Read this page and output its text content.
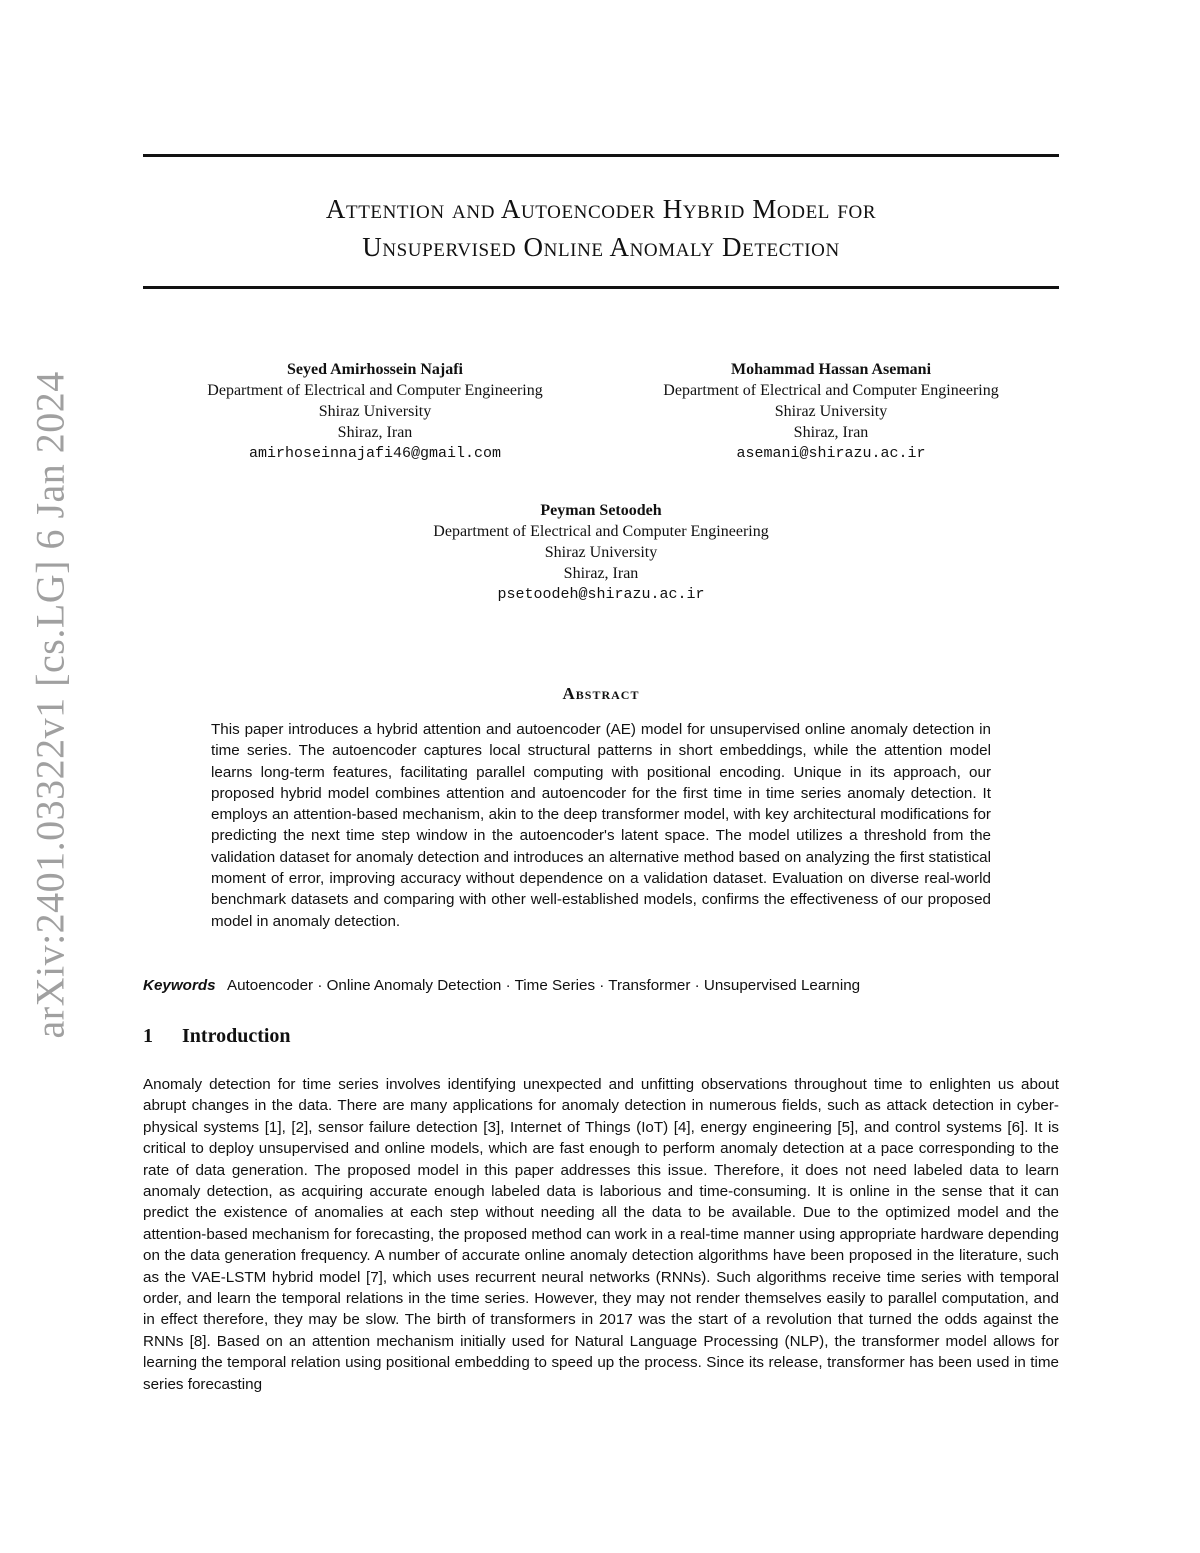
arXiv:2401.03322v1 [cs.LG] 6 Jan 2024
Attention and Autoencoder Hybrid Model for
Unsupervised Online Anomaly Detection
Seyed Amirhossein Najafi
Department of Electrical and Computer Engineering
Shiraz University
Shiraz, Iran
amirhoseinnajafi46@gmail.com
Mohammad Hassan Asemani
Department of Electrical and Computer Engineering
Shiraz University
Shiraz, Iran
asemani@shirazu.ac.ir
Peyman Setoodeh
Department of Electrical and Computer Engineering
Shiraz University
Shiraz, Iran
psetoodeh@shirazu.ac.ir
Abstract
This paper introduces a hybrid attention and autoencoder (AE) model for unsupervised online anomaly detection in time series. The autoencoder captures local structural patterns in short embeddings, while the attention model learns long-term features, facilitating parallel computing with positional encoding. Unique in its approach, our proposed hybrid model combines attention and autoencoder for the first time in time series anomaly detection. It employs an attention-based mechanism, akin to the deep transformer model, with key architectural modifications for predicting the next time step window in the autoencoder's latent space. The model utilizes a threshold from the validation dataset for anomaly detection and introduces an alternative method based on analyzing the first statistical moment of error, improving accuracy without dependence on a validation dataset. Evaluation on diverse real-world benchmark datasets and comparing with other well-established models, confirms the effectiveness of our proposed model in anomaly detection.
Keywords Autoencoder · Online Anomaly Detection · Time Series · Transformer · Unsupervised Learning
1 Introduction
Anomaly detection for time series involves identifying unexpected and unfitting observations throughout time to enlighten us about abrupt changes in the data. There are many applications for anomaly detection in numerous fields, such as attack detection in cyber-physical systems [1], [2], sensor failure detection [3], Internet of Things (IoT) [4], energy engineering [5], and control systems [6]. It is critical to deploy unsupervised and online models, which are fast enough to perform anomaly detection at a pace corresponding to the rate of data generation. The proposed model in this paper addresses this issue. Therefore, it does not need labeled data to learn anomaly detection, as acquiring accurate enough labeled data is laborious and time-consuming. It is online in the sense that it can predict the existence of anomalies at each step without needing all the data to be available. Due to the optimized model and the attention-based mechanism for forecasting, the proposed method can work in a real-time manner using appropriate hardware depending on the data generation frequency. A number of accurate online anomaly detection algorithms have been proposed in the literature, such as the VAE-LSTM hybrid model [7], which uses recurrent neural networks (RNNs). Such algorithms receive time series with temporal order, and learn the temporal relations in the time series. However, they may not render themselves easily to parallel computation, and in effect therefore, they may be slow. The birth of transformers in 2017 was the start of a revolution that turned the odds against the RNNs [8]. Based on an attention mechanism initially used for Natural Language Processing (NLP), the transformer model allows for learning the temporal relation using positional embedding to speed up the process. Since its release, transformer has been used in time series forecasting
